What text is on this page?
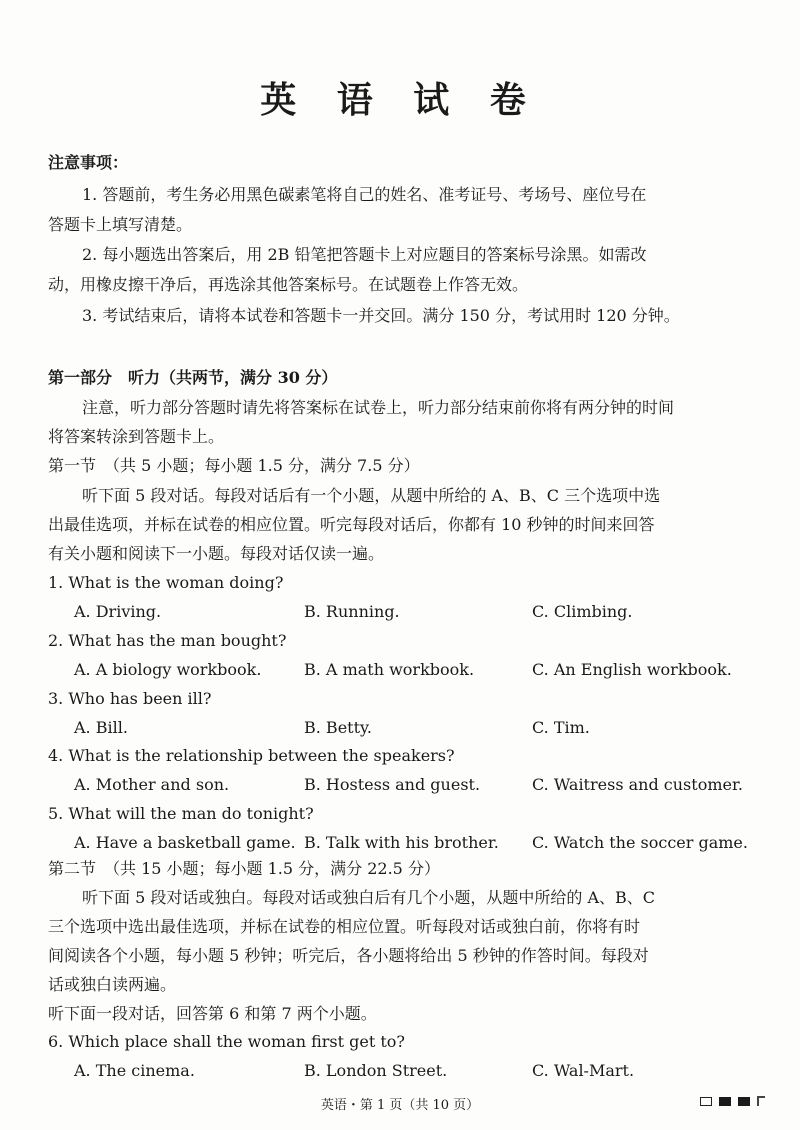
英 语 试 卷
注意事项：
1. 答题前，考生务必用黑色碳素笔将自己的姓名、准考证号、考场号、座位号在
答题卡上填写清楚。
2. 每小题选出答案后，用 2B 铅笔把答题卡上对应题目的答案标号涂黑。如需改
动，用橡皮擦干净后，再选涂其他答案标号。在试题卷上作答无效。
3. 考试结束后，请将本试卷和答题卡一并交回。满分 150 分，考试用时 120 分钟。
第一部分　听力（共两节，满分 30 分）
注意，听力部分答题时请先将答案标在试卷上，听力部分结束前你将有两分钟的时间
将答案转涂到答题卡上。
第一节　（共 5 小题；每小题 1.5 分，满分 7.5 分）
听下面 5 段对话。每段对话后有一个小题，从题中所给的 A、B、C 三个选项中选
出最佳选项，并标在试卷的相应位置。听完每段对话后，你都有 10 秒钟的时间来回答
有关小题和阅读下一小题。每段对话仅读一遍。
1. What is the woman doing?
A. Driving.	B. Running.	C. Climbing.
2. What has the man bought?
A. A biology workbook.	B. A math workbook.	C. An English workbook.
3. Who has been ill?
A. Bill.	B. Betty.	C. Tim.
4. What is the relationship between the speakers?
A. Mother and son.	B. Hostess and guest.	C. Waitress and customer.
5. What will the man do tonight?
A. Have a basketball game. B. Talk with his brother. C. Watch the soccer game.
第二节　（共 15 小题；每小题 1.5 分，满分 22.5 分）
听下面 5 段对话或独白。每段对话或独白后有几个小题，从题中所给的 A、B、C
三个选项中选出最佳选项，并标在试卷的相应位置。听每段对话或独白前，你将有时
间阅读各个小题，每小题 5 秒钟；听完后，各小题将给出 5 秒钟的作答时间。每段对
话或独白读两遍。
听下面一段对话，回答第 6 和第 7 两个小题。
6. Which place shall the woman first get to?
A. The cinema.	B. London Street.	C. Wal-Mart.
英语・第 1 页（共 10 页）
